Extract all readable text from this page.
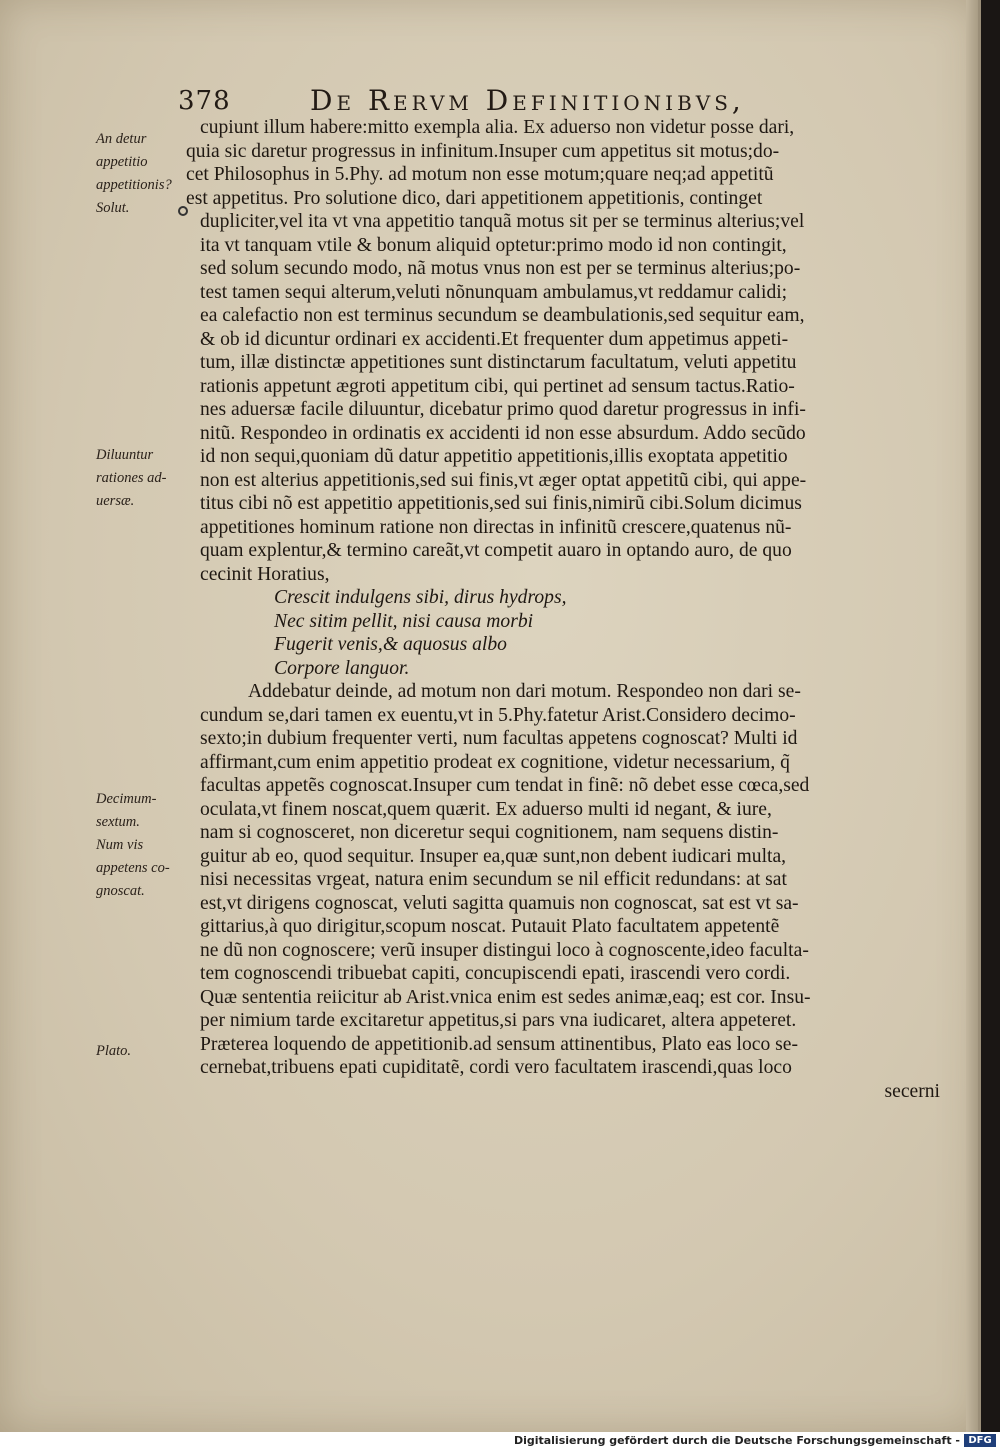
378	De Rervm Definitionibvs,
An detur
appetitio
appetitionis?
Solut.
Diluuntur
rationes ad-
uersæ.
Decimum-
sextum.
Num vis
appetens co-
gnoscat.
Plato.
cupiunt illum habere:mitto exempla alia. Ex aduerso non videtur posse dari,
quia sic daretur progressus in infinitum.Insuper cum appetitus sit motus;do-
cet Philosophus in 5.Phy. ad motum non esse motum;quare neq;ad appetitũ
est appetitus. Pro solutione dico, dari appetitionem appetitionis, continget
dupliciter,vel ita vt vna appetitio tanquã motus sit per se terminus alterius;vel
ita vt tanquam vtile & bonum aliquid optetur:primo modo id non contingit,
sed solum secundo modo, nã motus vnus non est per se terminus alterius;po-
test tamen sequi alterum,veluti nõnunquam ambulamus,vt reddamur calidi;
ea calefactio non est terminus secundum se deambulationis,sed sequitur eam,
& ob id dicuntur ordinari ex accidenti.Et frequenter dum appetimus appeti-
tum, illæ distinctæ appetitiones sunt distinctarum facultatum, veluti appetitu
rationis appetunt ægroti appetitum cibi, qui pertinet ad sensum tactus.Ratio-
nes aduersæ facile diluuntur, dicebatur primo quod daretur progressus in infi-
nitũ. Respondeo in ordinatis ex accidenti id non esse absurdum. Addo secũdo
id non sequi,quoniam dũ datur appetitio appetitionis,illis exoptata appetitio
non est alterius appetitionis,sed sui finis,vt æger optat appetitũ cibi, qui appe-
titus cibi nõ est appetitio appetitionis,sed sui finis,nimirũ cibi.Solum dicimus
appetitiones hominum ratione non directas in infinitũ crescere,quatenus nũ-
quam explentur,& termino careãt,vt competit auaro in optando auro, de quo
cecinit Horatius,
Crescit indulgens sibi, dirus hydrops,
Nec sitim pellit, nisi causa morbi
Fugerit venis,& aquosus albo
Corpore languor.
Addebatur deinde, ad motum non dari motum. Respondeo non dari se-
cundum se,dari tamen ex euentu,vt in 5.Phy.fatetur Arist.Considero decimo-
sexto;in dubium frequenter verti, num facultas appetens cognoscat? Multi id
affirmant,cum enim appetitio prodeat ex cognitione, videtur necessarium, q̃
facultas appetẽs cognoscat.Insuper cum tendat in finẽ: nõ debet esse cœca,sed
oculata,vt finem noscat,quem quærit. Ex aduerso multi id negant, & iure,
nam si cognosceret, non diceretur sequi cognitionem, nam sequens distin-
guitur ab eo, quod sequitur. Insuper ea,quæ sunt,non debent iudicari multa,
nisi necessitas vrgeat, natura enim secundum se nil efficit redundans: at sat
est,vt dirigens cognoscat, veluti sagitta quamuis non cognoscat, sat est vt sa-
gittarius,à quo dirigitur,scopum noscat. Putauit Plato facultatem appetentẽ
ne dũ non cognoscere; verũ insuper distingui loco à cognoscente,ideo faculta-
tem cognoscendi tribuebat capiti, concupiscendi epati, irascendi vero cordi.
Quæ sententia reiicitur ab Arist.vnica enim est sedes animæ,eaq; est cor. Insu-
per nimium tarde excitaretur appetitus,si pars vna iudicaret, altera appeteret.
Præterea loquendo de appetitionib.ad sensum attinentibus, Plato eas loco se-
cernebat,tribuens epati cupiditatẽ, cordi vero facultatem irascendi,quas loco
secerni
Digitalisierung gefördert durch die Deutsche Forschungsgemeinschaft - DFG
